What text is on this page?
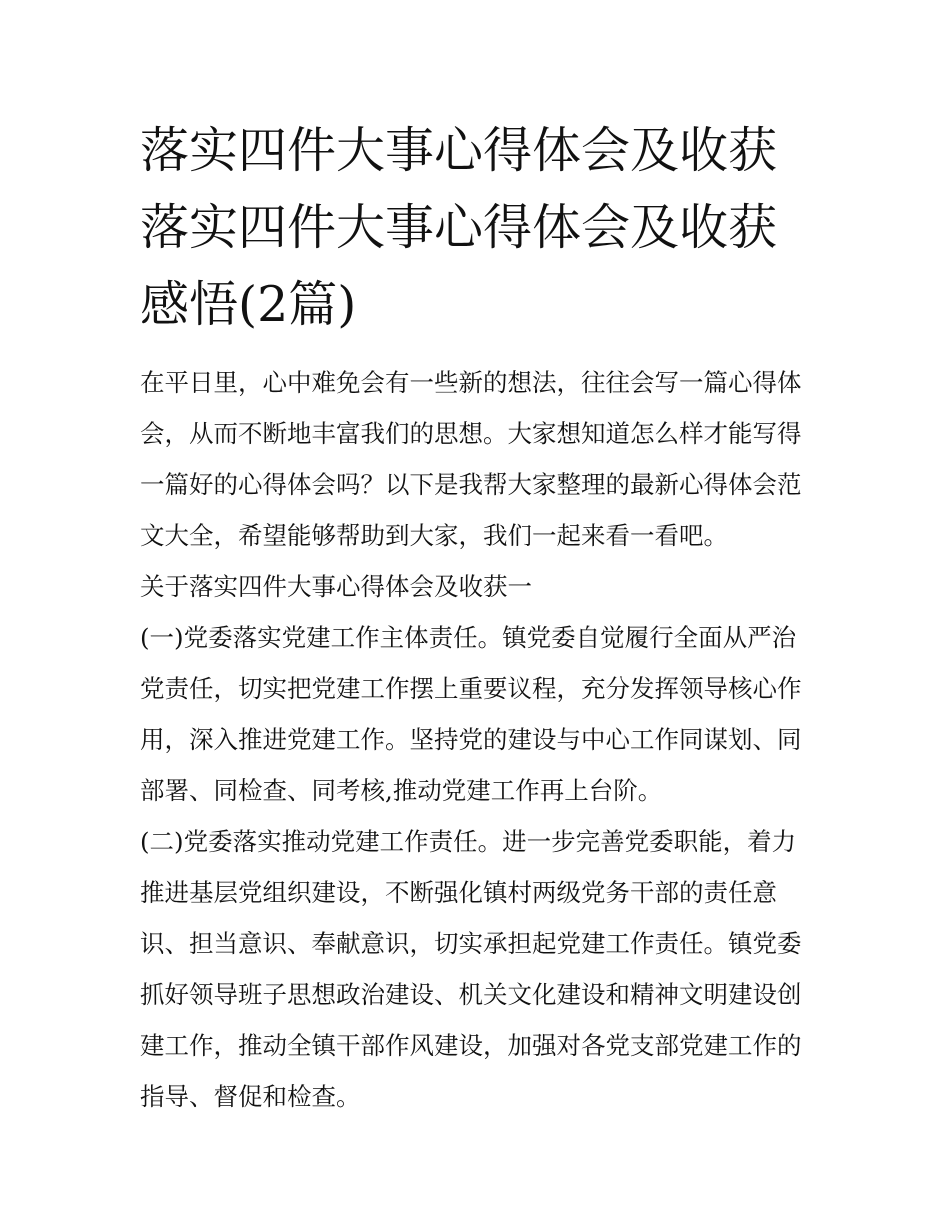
落实四件大事心得体会及收获
落实四件大事心得体会及收获
感悟(2篇)

在平日里，心中难免会有一些新的想法，往往会写一篇心得体会，从而不断地丰富我们的思想。大家想知道怎么样才能写得一篇好的心得体会吗？以下是我帮大家整理的最新心得体会范文大全，希望能够帮助到大家，我们一起来看一看吧。

关于落实四件大事心得体会及收获一

(一)党委落实党建工作主体责任。镇党委自觉履行全面从严治党责任，切实把党建工作摆上重要议程，充分发挥领导核心作用，深入推进党建工作。坚持党的建设与中心工作同谋划、同部署、同检查、同考核,推动党建工作再上台阶。

(二)党委落实推动党建工作责任。进一步完善党委职能，着力推进基层党组织建设，不断强化镇村两级党务干部的责任意识、担当意识、奉献意识，切实承担起党建工作责任。镇党委抓好领导班子思想政治建设、机关文化建设和精神文明建设创建工作，推动全镇干部作风建设，加强对各党支部党建工作的指导、督促和检查。
